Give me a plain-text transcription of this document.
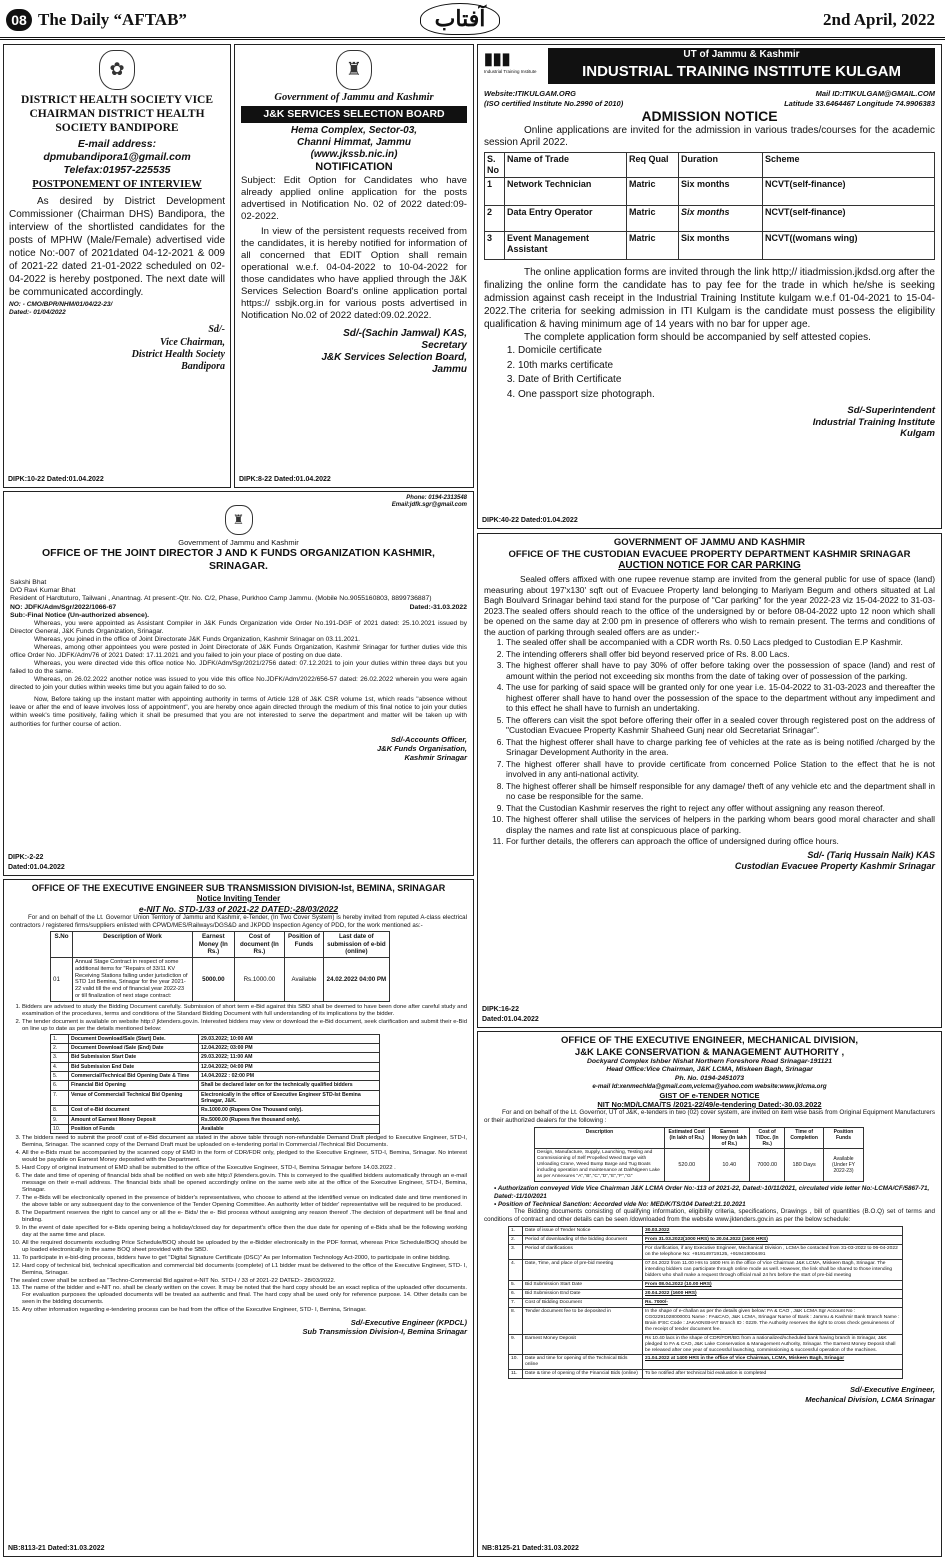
08 The Daily “AFTAB”	آفتاب	2nd April, 2022
✿
DISTRICT HEALTH SOCIETY VICE CHAIRMAN DISTRICT HEALTH SOCIETY BANDIPORE
E-mail address:
dpmubandipora1@gmail.com
Telefax:01957-225535
POSTPONEMENT OF INTERVIEW
As desired by District Development Commissioner (Chairman DHS) Bandipora, the interview of the shortlisted candidates for the posts of MPHW (Male/Female) advertised vide notice No:-007 of 2021dated 04-12-2021 & 009 of 2021-22 dated 21-01-2022 scheduled on 02-04-2022 is hereby postponed. The next date will be communicated accordingly.
NO: - CMO/BPR/NHM/01/04/22-23/
Dated:- 01/04/2022
Sd/-
Vice Chairman,
District Health Society
Bandipora
DIPK:10-22 Dated:01.04.2022
♜
Government of Jammu and Kashmir
J&K SERVICES SELECTION BOARD
Hema Complex, Sector-03,
Channi Himmat, Jammu
(www.jkssb.nic.in)
NOTIFICATION
Subject: Edit Option for Candidates who have already applied online application for the posts advertised in Notification No. 02 of 2022 dated:09-02-2022.
In view of the persistent requests received from the candidates, it is hereby notified for information of all concerned that EDIT Option shall remain operational w.e.f. 04-04-2022 to 10-04-2022 for those candidates who have applied through the J&K Services Selection Board's online application portal https:// ssbjk.org.in for various posts advertised in Notification No.02 of 2022 dated:09.02.2022.
Sd/-(Sachin Jamwal) KAS,
Secretary
J&K Services Selection Board,
Jammu
DIPK:8-22 Dated:01.04.2022
▮▮▮
Industrial Training Institute
UT of Jammu & Kashmir
INDUSTRIAL TRAINING INSTITUTE KULGAM
Website:ITIKULGAM.ORG	Mail ID:ITIKULGAM@GMAIL.COM
(ISO certified Institute No.2990 of 2010)	Latitude 33.6464467 Longitude 74.9906383
ADMISSION NOTICE
Online applications are invited for the admission in various trades/courses for the academic session April 2022.
S. No	Name of Trade	Req Qual	Duration	Scheme
1	Network Technician	Matric	Six months	NCVT(self-finance)
2	Data Entry Operator	Matric	Six months	NCVT(self-finance)
3	Event Management Assistant	Matric	Six months	NCVT((womans wing)
The online application forms are invited through the link http;// itiadmission.jkdsd.org after the finalizing the online form the candidate has to pay fee for the trade in which he/she is seeking admission against cash receipt in the Industrial Training Institute kulgam w.e.f 01-04-2021 to 15-04-2022.The criteria for seeking admission in ITI Kulgam is the candidate must possess the eligibility qualification & having minimum age of 14 years with no bar for upper age.
The complete application form should be accompanied by self attested copies.
1. Domicile certificate
2. 10th marks certificate
3. Date of Brith Certificate
4. One passport size photograph.
Sd/-Superintendent
Industrial Training Institute
Kulgam
DIPK:40-22 Dated:01.04.2022
Phone: 0194-2313548
Email:jdfk.sgr@gmail.com
♜
Government of Jammu and Kashmir
OFFICE OF THE JOINT DIRECTOR J AND K FUNDS ORGANIZATION KASHMIR, SRINAGAR.
Sakshi Bhat
D/O Ravi Kumar Bhat
Resident of Hardtuturo, Tailwani , Anantnag. At present:-Qtr. No. C/2, Phase, Purkhoo Camp Jammu. (Mobile No.9055160803, 8899736887)
NO: JDFK/Adm/Sgr/2022/1066-67	Dated:-31.03.2022
Sub:-Final Notice (Un-authorized absence).
Whereas, you were appointed as Assistant Compiler in J&K Funds Organization vide Order No.191-DGF of 2021 dated: 25.10.2021 issued by Director General, J&K Funds Organization, Srinagar.
Whereas, you joined in the office of Joint Directorate J&K Funds Organization, Kashmir Srinagar on 03.11.2021.
Whereas, among other appointees you were posted in Joint Directorate of J&K Funds Organization, Kashmir Srinagar for further duties vide this office Order No. JDFK/Adm/76 of 2021 Dated: 17.11.2021 and you failed to join your place of posting on due date.
Whereas, you were directed vide this office notice No. JDFK/Adm/Sgr/2021/2756 dated: 07.12.2021 to join your duties within three days but you failed to do the same.
Whereas, on 26.02.2022 another notice was issued to you vide this office No.JDFK/Adm/2022/656-57 dated: 26.02.2022 wherein you were again directed to join your duties within weeks time but you again failed to do so.
Now, Before taking up the instant matter with appointing authority in terms of Article 128 of J&K CSR volume 1st, which reads "absence without leave or after the end of leave involves loss of appointment", you are hereby once again directed through the medium of this final notice to join your duties within week's time positively, failing which it shall be presumed that you are not interested to serve the department and matter will be taken up with authorities for further course of action.
Sd/-Accounts Officer,
J&K Funds Organisation,
Kashmir Srinagar
DIPK:-2-22
Dated:01.04.2022
GOVERNMENT OF JAMMU AND KASHMIR
OFFICE OF THE CUSTODIAN EVACUEE PROPERTY DEPARTMENT KASHMIR SRINAGAR
AUCTION NOTICE FOR CAR PARKING
Sealed offers affixed with one rupee revenue stamp are invited from the general public for use of space (land) measuring about 197'x130' sqft out of Evacuee Property land belonging to Mariyam Begum and others situated at Lal Bagh Boulvard Srinagar behind taxi stand for the purpose of "Car parking" for the year 2022-23 viz 15-04-2022 to 31-03-2023.The sealed offers should reach to the office of the undersigned by or before 08-04-2022 upto 12 noon which shall be opened on the same day at 2:00 pm in presence of offerers who wish to remain present. The terms and conditions of the auction of parking through sealed offers are as under:-
1. The sealed offer shall be accompanied with a CDR worth Rs. 0.50 Lacs pledged to Custodian E.P Kashmir.
2. The intending offerers shall offer bid beyond reserved price of Rs. 8.00 Lacs.
3. The highest offerer shall have to pay 30% of offer before taking over the possession of space (land) and rest of amount within the period not exceeding six months from the date of taking over of possession of the parking.
4. The use for parking of said space will be granted only for one year i.e. 15-04-2022 to 31-03-2023 and thereafter the highest offerer shall have to hand over the possession of the space to the department without any impediment and to this effect he shall have to furnish an undertaking.
5. The offerers can visit the spot before offering their offer in a sealed cover through registered post on the address of "Custodian Evacuee Property Kashmir Shaheed Gunj near old Secretariat Srinagar".
6. That the highest offerer shall have to charge parking fee of vehicles at the rate as is being notified /charged by the Srinagar Development Authority in the area.
7. The highest offerer shall have to provide certificate from concerned Police Station to the effect that he is not involved in any anti-national activity.
8. The highest offerer shall be himself responsible for any damage/ theft of any vehicle etc and the department shall in no case be responsible for the same.
9. That the Custodian Kashmir reserves the right to reject any offer without assigning any reason thereof.
10. The highest offerer shall utilise the services of helpers in the parking whom bears good moral character and shall display the names and rate list at conspicuous place of parking.
11. For further details, the offerers can approach the office of undersigned during office hours.
Sd/- (Tariq Hussain Naik) KAS
Custodian Evacuee Property Kashmir Srinagar
DIPK:16-22
Dated:01.04.2022
OFFICE OF THE EXECUTIVE ENGINEER SUB TRANSMISSION DIVISION-Ist, BEMINA, SRINAGAR
Notice Inviting Tender
e-NIT No. STD-1/33 of 2021-22 DATED:-28/03/2022
For and on behalf of the Lt. Governor Union Territory of Jammu and Kashmir, e-Tender, (In Two Cover System) is hereby invited from reputed A-class electrical contractors / registered firms/suppliers enlisted with CPWD/MES/Railways/DGS&D and JKPDD Inspection Agency of PDD, for the work mentioned as:-
S.No	Description of Work	Earnest Money (In Rs.)	Cost of document (In Rs.)	Position of Funds	Last date of submission of e-bid (online)
01	Annual Stage Contract in respect of some additional items for "Repairs of 33/11 KV Receiving Stations falling under jurisdiction of STD 1st Bemina, Srinagar for the year 2021-22 valid till the end of financial year 2022-23 or till finalization of next stage contract:	5000.00	Rs.1000.00	Available	24.02.2022 04:00 PM
1. Bidders are advised to study the Bidding Document carefully. Submission of short term e-Bid against this SBD shall be deemed to have been done after careful study and examination of the procedures, terms and conditions of the Standard Bidding Document with full understanding of its implications by the bidder.
2. The tender document is available on website http:// jktenders.gov.in. Interested bidders may view or download the e-Bid document, seek clarification and submit their e-Bid on line up to date as per the details mentioned below:
1.	Document Download/Sale (Start) Date.	29.03.2022; 10:00 AM
2.	Document Download /Sale (End) Date	12.04.2022; 03:00 PM
3.	Bid Submission Start Date	29.03.2022; 11:00 AM
4.	Bid Submission End Date	12.04.2022; 04:00 PM
5.	Commercial/Technical Bid Opening Date & Time	14.04.2022 : 02:00 PM
6.	Financial Bid Opening	Shall be declared later on for the technically qualified bidders
7.	Venue of Commercial/ Technical Bid Opening	Electronically in the office of Executive Engineer STD-Ist Bemina Srinagar, J&K.
8.	Cost of e-Bid document	Rs.1000.00 (Rupees One Thousand only).
9.	Amount of Earnest Money Deposit	Rs.5000.00 (Rupees five thousand only).
10.	Position of Funds	Available
3. The bidders need to submit the proof/ cost of e-Bid document as stated in the above table through non-refundable Demand Draft pledged to Executive Engineer, STD-I, Bemina, Srinagar. The scanned copy of the Demand Draft must be uploaded on e-tendering portal in Commercial /Technical Bid Documents.
4. All the e-Bids must be accompanied by the scanned copy of EMD in the form of CDR/FDR only, pledged to the Executive Engineer, STD-I, Bemina, Srinagar. No interest would be payable on Earnest Money deposited with the Department.
5. Hard Copy of original instrument of EMD shall be submitted to the office of the Executive Engineer, STD-I, Bemina Srinagar before 14.03.2022 .
6. The date and time of opening of financial bids shall be notified on web site http:// jktenders.gov.in. This is conveyed to the qualified bidders automatically through an e-mail message on their e-mail address. The financial bids shall be opened accordingly online on the same web site at the office of the Executive Engineer, STD-I, Bemina, Srinagar.
7. The e-Bids will be electronically opened in the presence of bidder's representatives, who choose to attend at the identified venue on indicated date and time mentioned in the above table or any subsequent day to the convenience of the Tender Opening Committee. An authority letter of bidder' representative will be required to be produced.
8. The Department reserves the right to cancel any or all the e- Bids/ the e- Bid process without assigning any reason thereof .The decision of department will be final and binding.
9. In the event of date specified for e-Bids opening being a holiday/closed day for department's office then the due date for opening of e-Bids shall be the following working day at the same time and place.
10. All the required documents excluding Price Schedule/BOQ should be uploaded by the e-Bidder electronically in the PDF format, whereas Price Schedule/BOQ should be up loaded electronically in the same BOQ sheet provided with the SBD.
11. To participate in e-bid-ding process, bidders have to get "Digital Signature Certificate (DSC)" As per Information Technology Act-2000, to participate in online bidding.
12. Hard copy of technical bid, technical specification and commercial bid documents (complete) of L1 bidder must be delivered to the office of the Executive Engineer, STD- I, Bemina, Srinagar.
The sealed cover shall be scribed as "Techno-Commercial Bid against e-NIT No. STD-I / 33 of 2021-22 DATED:- 28/03/2022.
13. The name of the bidder and e-NIT no. shall be clearly written on the cover. It may be noted that the hard copy should be an exact replica of the uploaded offer documents. For evaluation purposes the uploaded documents will be treated as authentic and final. The hard copy shall be used only for reference purpose. 14. Other details can be seen in the bidding documents.
15. Any other information regarding e-tendering process can be had from the office of the Executive Engineer, STD- I, Bemina, Srinagar.
Sd/-Executive Engineer (KPDCL)
Sub Transmission Division-I, Bemina Srinagar
NB:8113-21 Dated:31.03.2022
OFFICE OF THE EXECUTIVE ENGINEER, MECHANICAL DIVISION,
J&K LAKE CONSERVATION & MANAGEMENT AUTHORITY ,
Dockyard Complex Ishber Nishat Northern Foreshore Road Srinagar-191121
Head Office:Vice Chairman, J&K LCMA, Miskeen Bagh, Srinagar
Ph. No. 0194-2451073
e-mail Id:xenmechlda@gmail.com,vclcma@yahoo.com website:www.jklcma.org
GIST OF e-TENDER NOTICE
NIT No:MD/LCMA/TS /2021-22/49/e-tendering Dated:-30.03.2022
For and on behalf of the Lt. Governor, UT of J&K, e-tenders in two (02) cover system, are invited on item wise basis from Original Equipment Manufacturers or their authorized dealers for the following :
Description	Estimated Cost (In lakh of Rs.)	Earnest Money (In lakh of Rs.)	Cost of T/Doc. (In Rs.)	Time of Completion	Position Funds
Design, Manufacture, Supply, Launching, Testing and Commissioning of Self Propelled Weed Barge with Unloading Crane, Weed Bump Barge and Tug Boats including operation and maintenance at Dal/Nigeen Lake as per Annexures "A","B","C","D","E","F","G"	520.00	10.40	7000.00	180 Days	Available (Under FY 2022-23)
• Authorization conveyed Vide Vice Chairman J&K LCMA Order No:-113 of 2021-22, Dated:-10/11/2021, circulated vide letter No:-LCMA/CF/5867-71, Dated:-11/10/2021
• Position of Technical Sanction: Accorded vide No: MED/K/TS/104 Dated:21.10.2021
The Bidding documents consisting of qualifying information, eligibility criteria, specifications, Drawings , bill of quantities (B.O.Q) set of terms and conditions of contract and other details can be seen /downloaded from the website www.jktenders.gov.in as per the below schedule:
1.	Date of issue of Tender Notice	30.03.2022
2.	Period of downloading of the bidding document	From 31.03.2022(1000 HRS) to 20.04.2022 (1600 HRS)
3.	Period of clarifications	For clarification, if any Executive Engineer, Mechanical Division , LCMA be contacted from 31-03-2022 to 06-04-2022 on the telephone No: +919149719125, +919419004491
4.	Date, Time, and place of pre-bid meeting	07.04.2022 from 11.00 Hrs to 1600 Hrs in the office of Vice Chairman J&K LCMA, Miskeen Bagh, Srinagar. The intending bidders can participate through online mode as well. However, the link shall be shared to those intending bidders who shall make a request through official mail 24 hrs before the start of pre-bid meeting
5.	Bid Submission Start Date	From 08.04.2022 (10.00 HRS)
6.	Bid Submission End Date	20.04.2022 (1600 HRS)
7.	Cost of Bidding Document	Rs. 7000/-
8.	Tender document fee to be deposited in	In the shape of e-challan as per the details given below: FA & CAO , J&K LCMA Sgr Account No : CG02291028000001 Name : FA&CAO, J&K LCMA, Srinagar Name of Bank : Jammu & Kashmir Bank Branch Name : Brain IFSC Code : JAKA0NISHAT Branch ID : 0229. The Authority reserves the right to cross check genuineness of the receipt of tender document fee.
9.	Earnest Money Deposit	Rs 10.40 lacs in the shape of CDR/FDR/BG from a nationalized/scheduled bank having branch in Srinagar, J&K pledged to FA & CAO, J&K Lake Conservation & Management Authority, Srinagar. The Earnest Money Deposit shall be released after one year of successful launching, commissioning & successful operation of the machines.
10.	Date and time for opening of the Technical Bids online	21.04.2022 at 1400 HRS in the office of Vice Chairman, LCMA, Miskeen Bagh, Srinagar
11.	Date & time of opening of the Financial Bids (online)	To be notified after technical bid evaluation is completed
Sd/-Executive Engineer,
Mechanical Division, LCMA Srinagar
NB:8125-21 Dated:31.03.2022
